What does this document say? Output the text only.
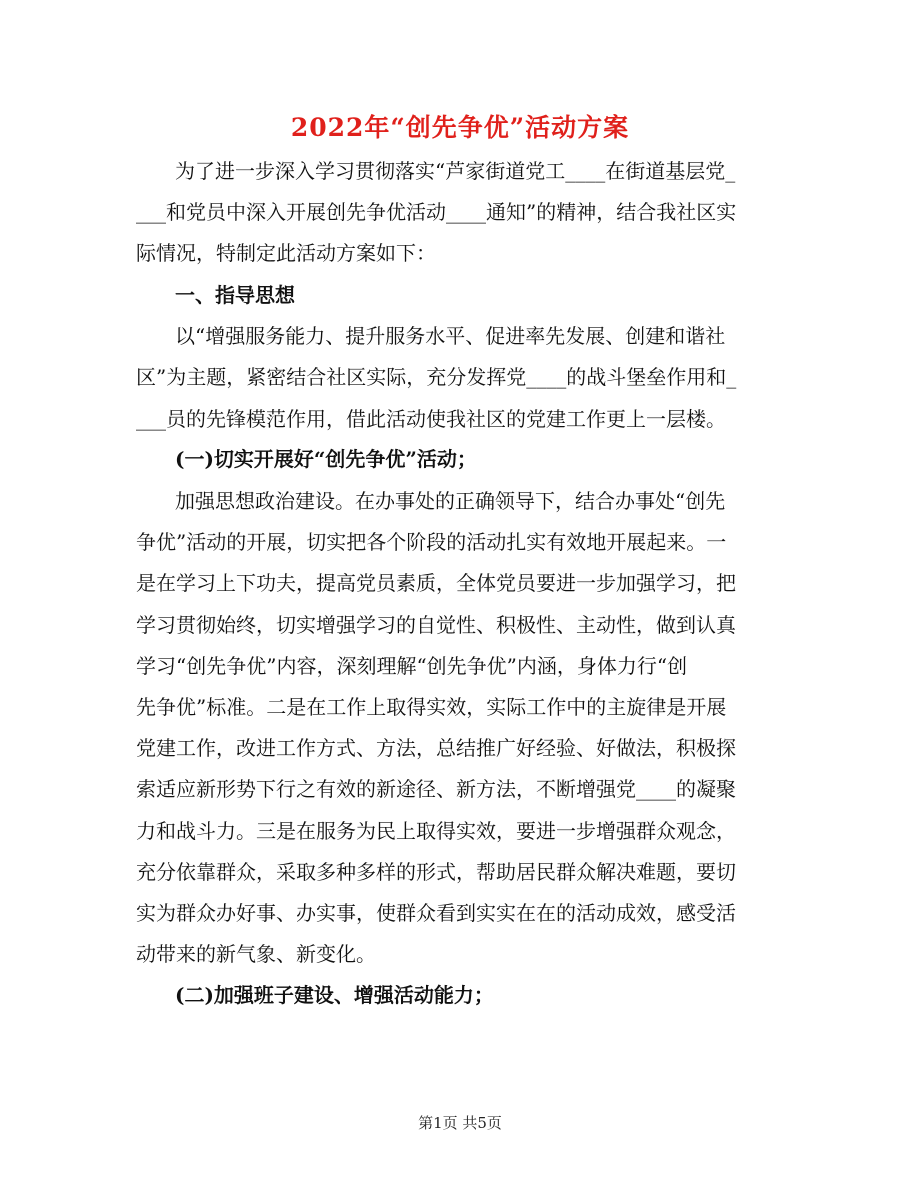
2022年“创先争优”活动方案
第1页 共5页
为了进一步深入学习贯彻落实“芦家街道党工____在街道基层党_
___和党员中深入开展创先争优活动____通知”的精神，结合我社区实
际情况，特制定此活动方案如下：
一、指导思想
以“增强服务能力、提升服务水平、促进率先发展、创建和谐社
区”为主题，紧密结合社区实际，充分发挥党____的战斗堡垒作用和_
___员的先锋模范作用，借此活动使我社区的党建工作更上一层楼。
(一)切实开展好“创先争优”活动；
加强思想政治建设。在办事处的正确领导下，结合办事处“创先
争优”活动的开展，切实把各个阶段的活动扎实有效地开展起来。一
是在学习上下功夫，提高党员素质，全体党员要进一步加强学习，把
学习贯彻始终，切实增强学习的自觉性、积极性、主动性，做到认真
学习“创先争优”内容，深刻理解“创先争优”内涵，身体力行“创
先争优”标准。二是在工作上取得实效，实际工作中的主旋律是开展
党建工作，改进工作方式、方法，总结推广好经验、好做法，积极探
索适应新形势下行之有效的新途径、新方法，不断增强党____的凝聚
力和战斗力。三是在服务为民上取得实效，要进一步增强群众观念，
充分依靠群众，采取多种多样的形式，帮助居民群众解决难题，要切
实为群众办好事、办实事，使群众看到实实在在的活动成效，感受活
动带来的新气象、新变化。
(二)加强班子建设、增强活动能力；
